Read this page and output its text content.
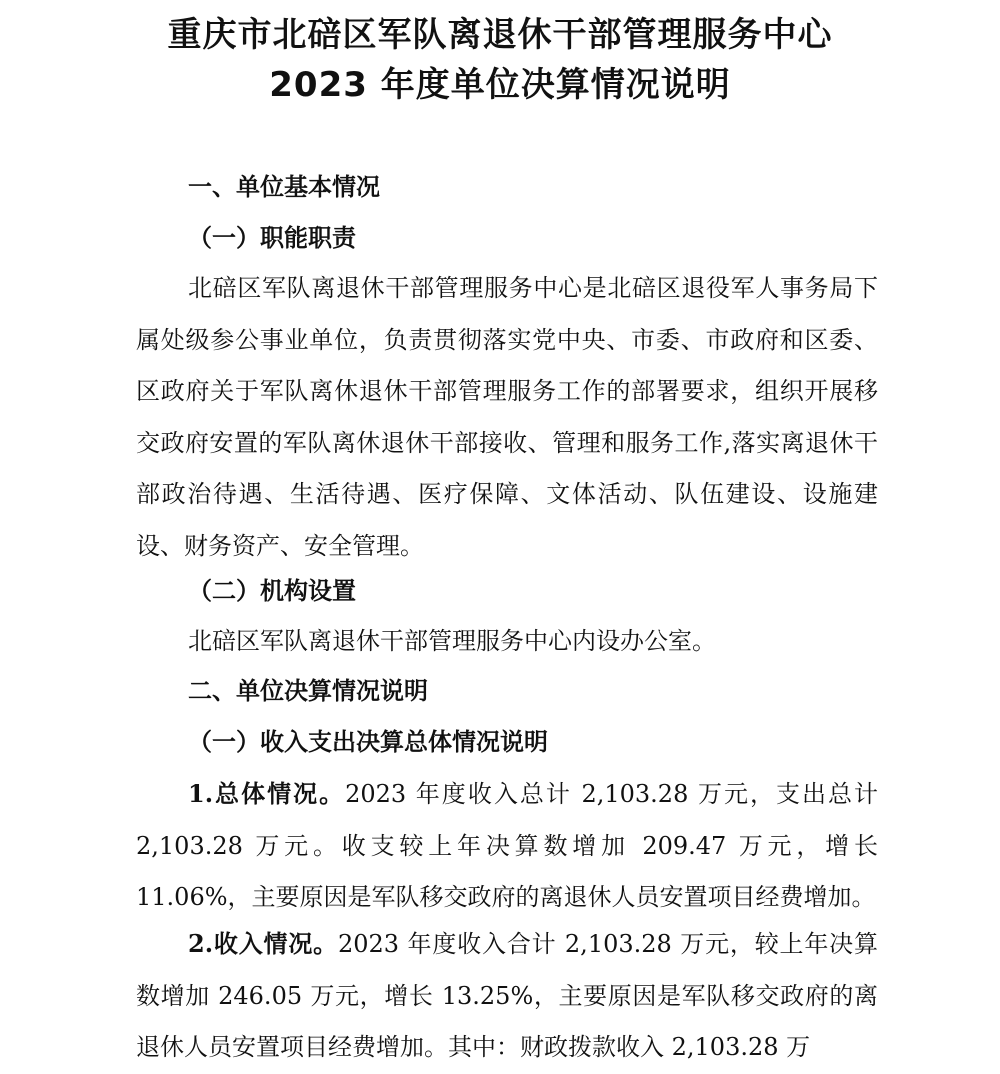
重庆市北碚区军队离退休干部管理服务中心
2023 年度单位决算情况说明
一、单位基本情况
（一）职能职责

北碚区军队离退休干部管理服务中心是北碚区退役军人事务局下属处级参公事业单位，负责贯彻落实党中央、市委、市政府和区委、区政府关于军队离休退休干部管理服务工作的部署要求，组织开展移交政府安置的军队离休退休干部接收、管理和服务工作,落实离退休干部政治待遇、生活待遇、医疗保障、文体活动、队伍建设、设施建设、财务资产、安全管理。

（二）机构设置

北碚区军队离退休干部管理服务中心内设办公室。

二、单位决算情况说明
（一）收入支出决算总体情况说明

1.总体情况。2023 年度收入总计 2,103.28 万元，支出总计 2,103.28 万元。收支较上年决算数增加 209.47 万元，增长 11.06%，主要原因是军队移交政府的离退休人员安置项目经费增加。

2.收入情况。2023 年度收入合计 2,103.28 万元，较上年决算数增加 246.05 万元，增长 13.25%，主要原因是军队移交政府的离退休人员安置项目经费增加。其中：财政拨款收入 2,103.28 万
